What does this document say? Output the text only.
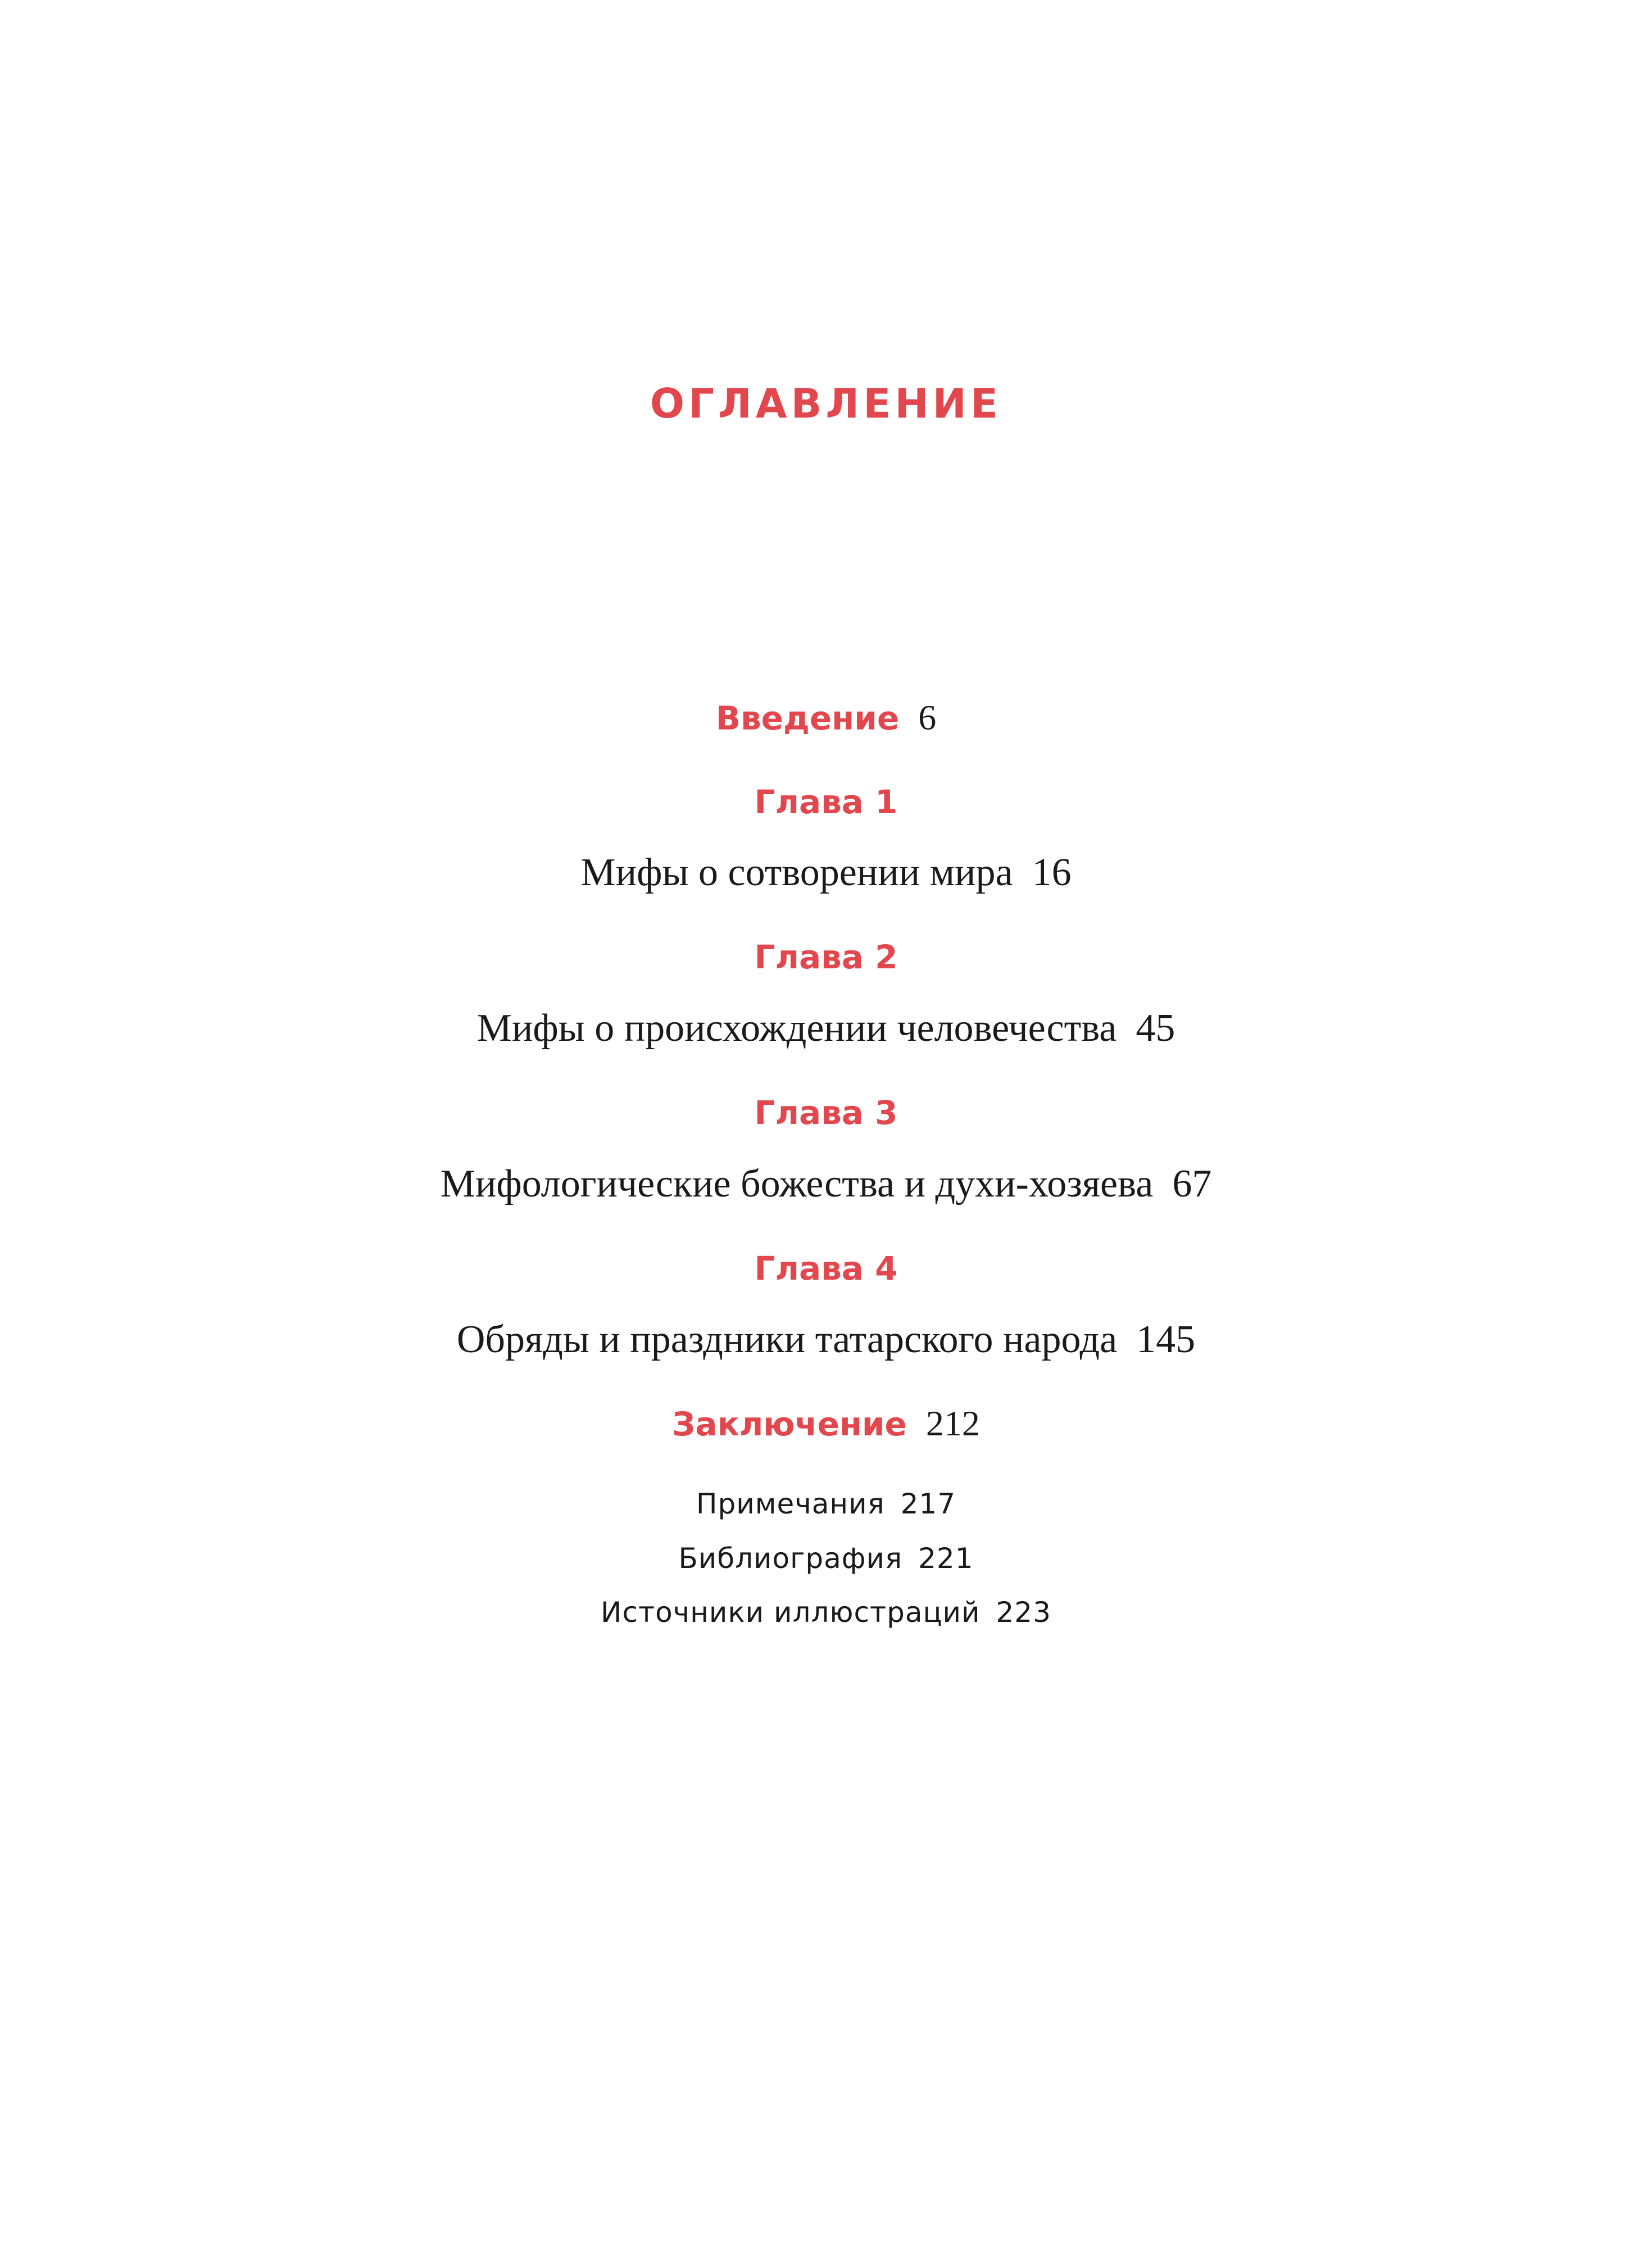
ОГЛАВЛЕНИЕ
Введение 6
Глава 1
Мифы о сотворении мира 16
Глава 2
Мифы о происхождении человечества 45
Глава 3
Мифологические божества и духи-хозяева 67
Глава 4
Обряды и праздники татарского народа 145
Заключение 212
Примечания 217
Библиография 221
Источники иллюстраций 223
